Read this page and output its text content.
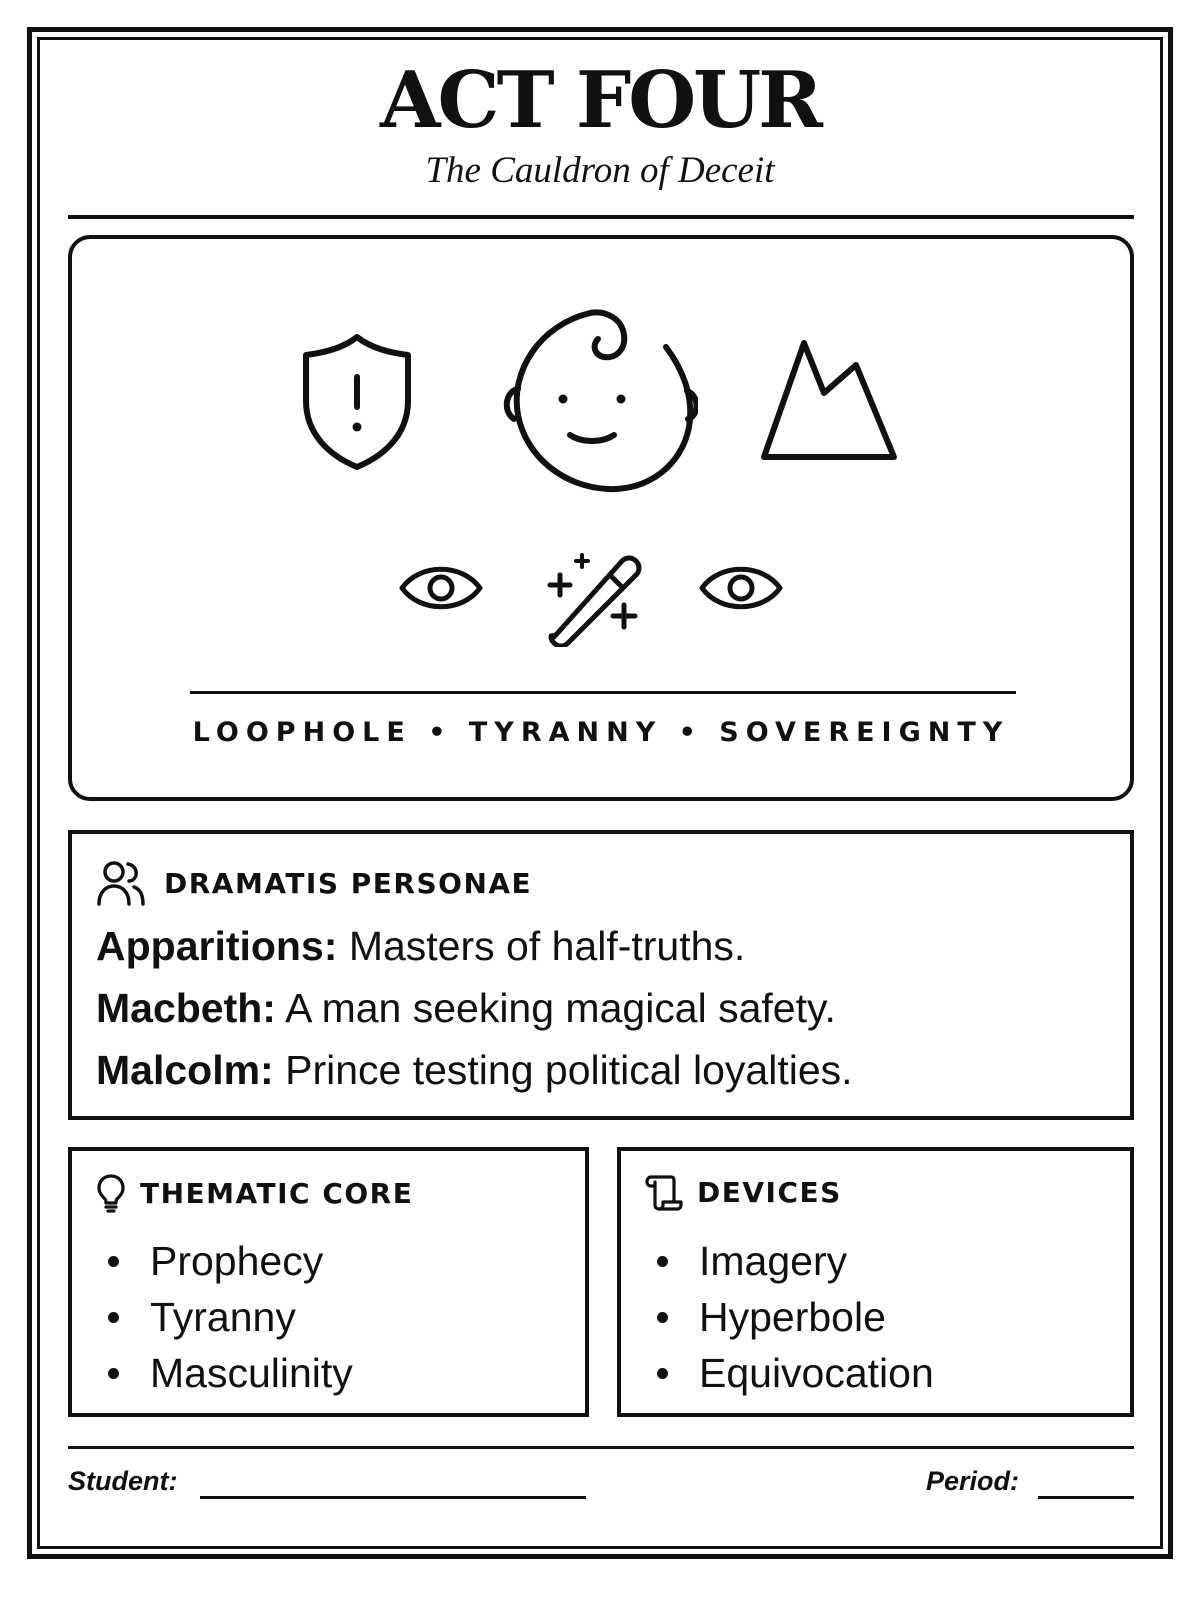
ACT FOUR
The Cauldron of Deceit
LOOPHOLE • TYRANNY • SOVEREIGNTY
DRAMATIS PERSONAE
Apparitions: Masters of half-truths.
Macbeth: A man seeking magical safety.
Malcolm: Prince testing political loyalties.
THEMATIC CORE
Prophecy
Tyranny
Masculinity
DEVICES
Imagery
Hyperbole
Equivocation
Student:	Period:
